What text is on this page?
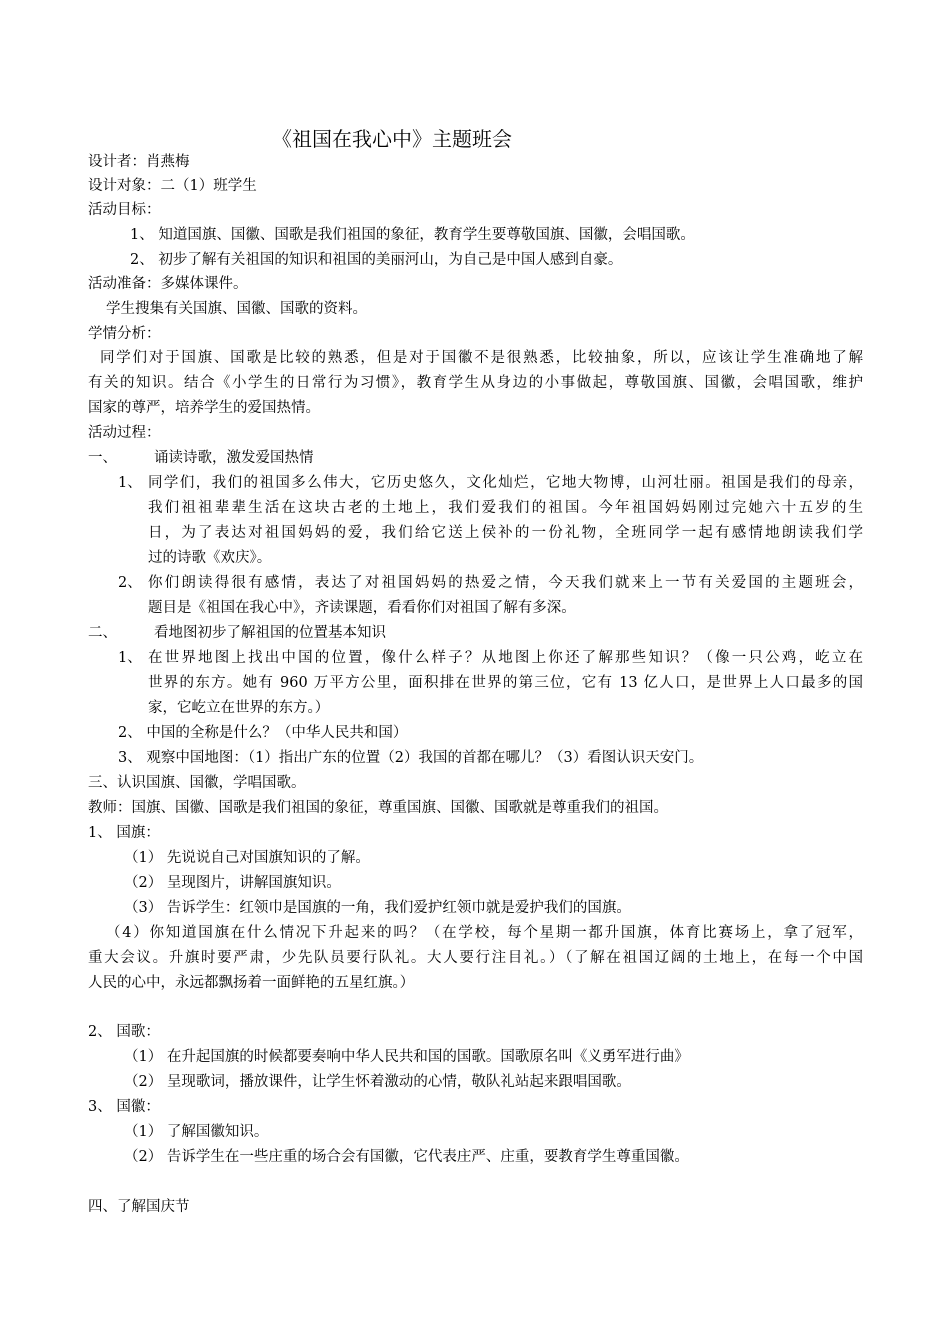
《祖国在我心中》主题班会
设计者：肖燕梅
设计对象：二（1）班学生
活动目标：
1、 知道国旗、国徽、国歌是我们祖国的象征，教育学生要尊敬国旗、国徽，会唱国歌。
2、 初步了解有关祖国的知识和祖国的美丽河山，为自己是中国人感到自豪。
活动准备：多媒体课件。
学生搜集有关国旗、国徽、国歌的资料。
学情分析：
同学们对于国旗、国歌是比较的熟悉，但是对于国徽不是很熟悉，比较抽象，所以，应该让学生准确地了解
有关的知识。结合《小学生的日常行为习惯》，教育学生从身边的小事做起，尊敬国旗、国徽，会唱国歌，维护
国家的尊严，培养学生的爱国热情。
活动过程：
一、	诵读诗歌，激发爱国热情
1、 同学们，我们的祖国多么伟大，它历史悠久，文化灿烂，它地大物博，山河壮丽。祖国是我们的母亲，
我们祖祖辈辈生活在这块古老的土地上，我们爱我们的祖国。今年祖国妈妈刚过完她六十五岁的生
日，为了表达对祖国妈妈的爱，我们给它送上侯补的一份礼物，全班同学一起有感情地朗读我们学
过的诗歌《欢庆》。
2、 你们朗读得很有感情，表达了对祖国妈妈的热爱之情，今天我们就来上一节有关爱国的主题班会，
题目是《祖国在我心中》，齐读课题，看看你们对祖国了解有多深。
二、	看地图初步了解祖国的位置基本知识
1、 在世界地图上找出中国的位置，像什么样子？从地图上你还了解那些知识？（像一只公鸡，屹立在
世界的东方。她有 960 万平方公里，面积排在世界的第三位，它有 13 亿人口，是世界上人口最多的国
家，它屹立在世界的东方。）
2、 中国的全称是什么？（中华人民共和国）
3、 观察中国地图：（1）指出广东的位置（2）我国的首都在哪儿？（3）看图认识天安门。
三、认识国旗、国徽，学唱国歌。
教师：国旗、国徽、国歌是我们祖国的象征，尊重国旗、国徽、国歌就是尊重我们的祖国。
1、 国旗：
（1） 先说说自己对国旗知识的了解。
（2） 呈现图片，讲解国旗知识。
（3） 告诉学生：红领巾是国旗的一角，我们爱护红领巾就是爱护我们的国旗。
（4）你知道国旗在什么情况下升起来的吗？（在学校，每个星期一都升国旗，体育比赛场上，拿了冠军，
重大会议。升旗时要严肃，少先队员要行队礼。大人要行注目礼。）（了解在祖国辽阔的土地上，在每一个中国
人民的心中，永远都飘扬着一面鲜艳的五星红旗。）
2、 国歌：
（1） 在升起国旗的时候都要奏响中华人民共和国的国歌。国歌原名叫《义勇军进行曲》
（2） 呈现歌词，播放课件，让学生怀着激动的心情，敬队礼站起来跟唱国歌。
3、 国徽：
（1） 了解国徽知识。
（2） 告诉学生在一些庄重的场合会有国徽，它代表庄严、庄重，要教育学生尊重国徽。
四、了解国庆节
